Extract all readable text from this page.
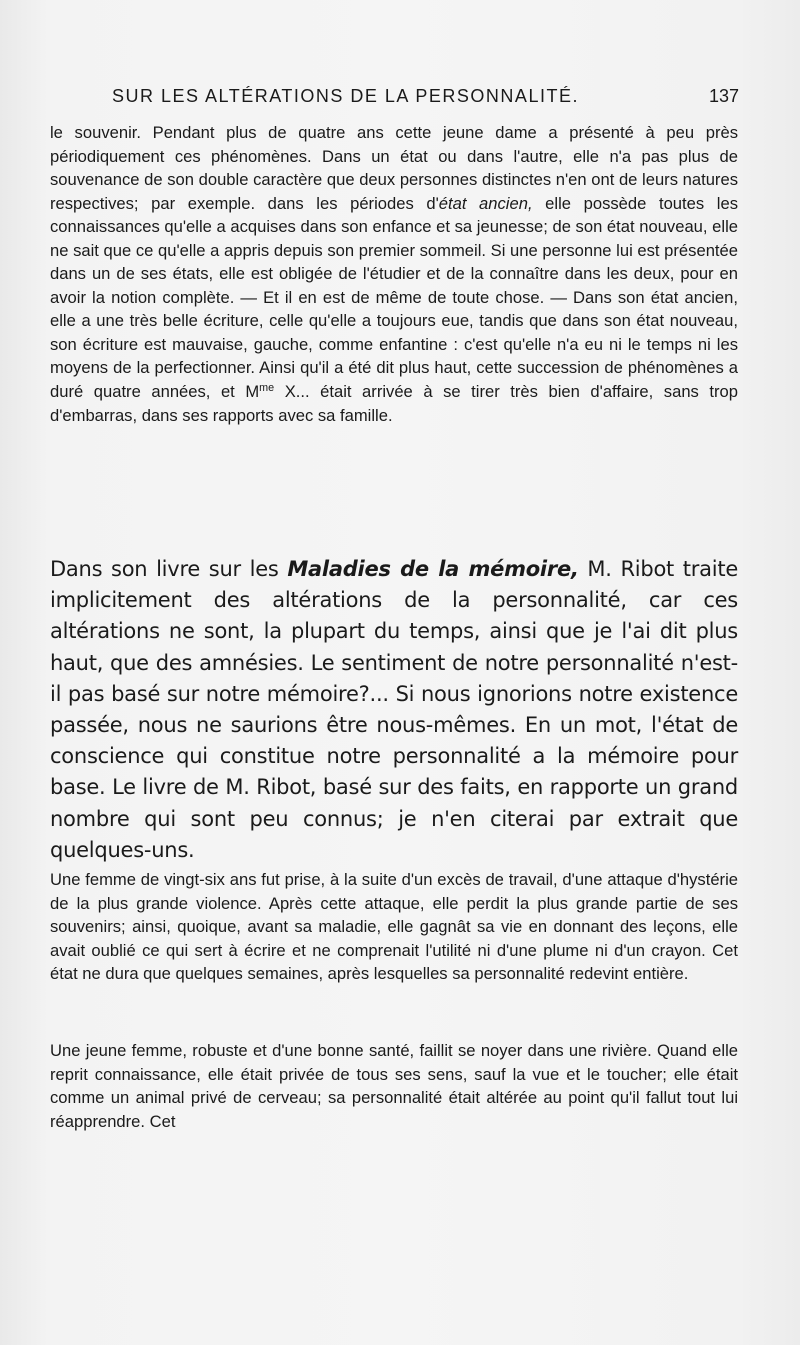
SUR LES ALTÉRATIONS DE LA PERSONNALITÉ.	137

le souvenir. Pendant plus de quatre ans cette jeune dame a présenté à peu près périodiquement ces phénomènes. Dans un état ou dans l'autre, elle n'a pas plus de souvenance de son double caractère que deux personnes distinctes n'en ont de leurs natures respectives; par exemple. dans les périodes d'état ancien, elle possède toutes les connaissances qu'elle a acquises dans son enfance et sa jeunesse; de son état nouveau, elle ne sait que ce qu'elle a appris depuis son premier sommeil. Si une personne lui est présentée dans un de ses états, elle est obligée de l'étudier et de la connaître dans les deux, pour en avoir la notion complète. — Et il en est de même de toute chose. — Dans son état ancien, elle a une très belle écriture, celle qu'elle a toujours eue, tandis que dans son état nouveau, son écriture est mauvaise, gauche, comme enfantine : c'est qu'elle n'a eu ni le temps ni les moyens de la perfectionner. Ainsi qu'il a été dit plus haut, cette succession de phénomènes a duré quatre années, et $M^{me}$ X... était arrivée à se tirer très bien d'affaire, sans trop d'embarras, dans ses rapports avec sa famille.

Dans son livre sur les Maladies de la mémoire, M. Ribot traite implicitement des altérations de la personnalité, car ces altérations ne sont, la plupart du temps, ainsi que je l'ai dit plus haut, que des amnésies. Le sentiment de notre personnalité n'est-il pas basé sur notre mémoire?... Si nous ignorions notre existence passée, nous ne saurions être nous-mêmes. En un mot, l'état de conscience qui constitue notre personnalité a la mémoire pour base. Le livre de M. Ribot, basé sur des faits, en rapporte un grand nombre qui sont peu connus; je n'en citerai par extrait que quelques-uns.

Une femme de vingt-six ans fut prise, à la suite d'un excès de travail, d'une attaque d'hystérie de la plus grande violence. Après cette attaque, elle perdit la plus grande partie de ses souvenirs; ainsi, quoique, avant sa maladie, elle gagnât sa vie en donnant des leçons, elle avait oublié ce qui sert à écrire et ne comprenait l'utilité ni d'une plume ni d'un crayon. Cet état ne dura que quelques semaines, après lesquelles sa personnalité redevint entière.

Une jeune femme, robuste et d'une bonne santé, faillit se noyer dans une rivière. Quand elle reprit connaissance, elle était privée de tous ses sens, sauf la vue et le toucher; elle était comme un animal privé de cerveau; sa personnalité était altérée au point qu'il fallut tout lui réapprendre. Cet
